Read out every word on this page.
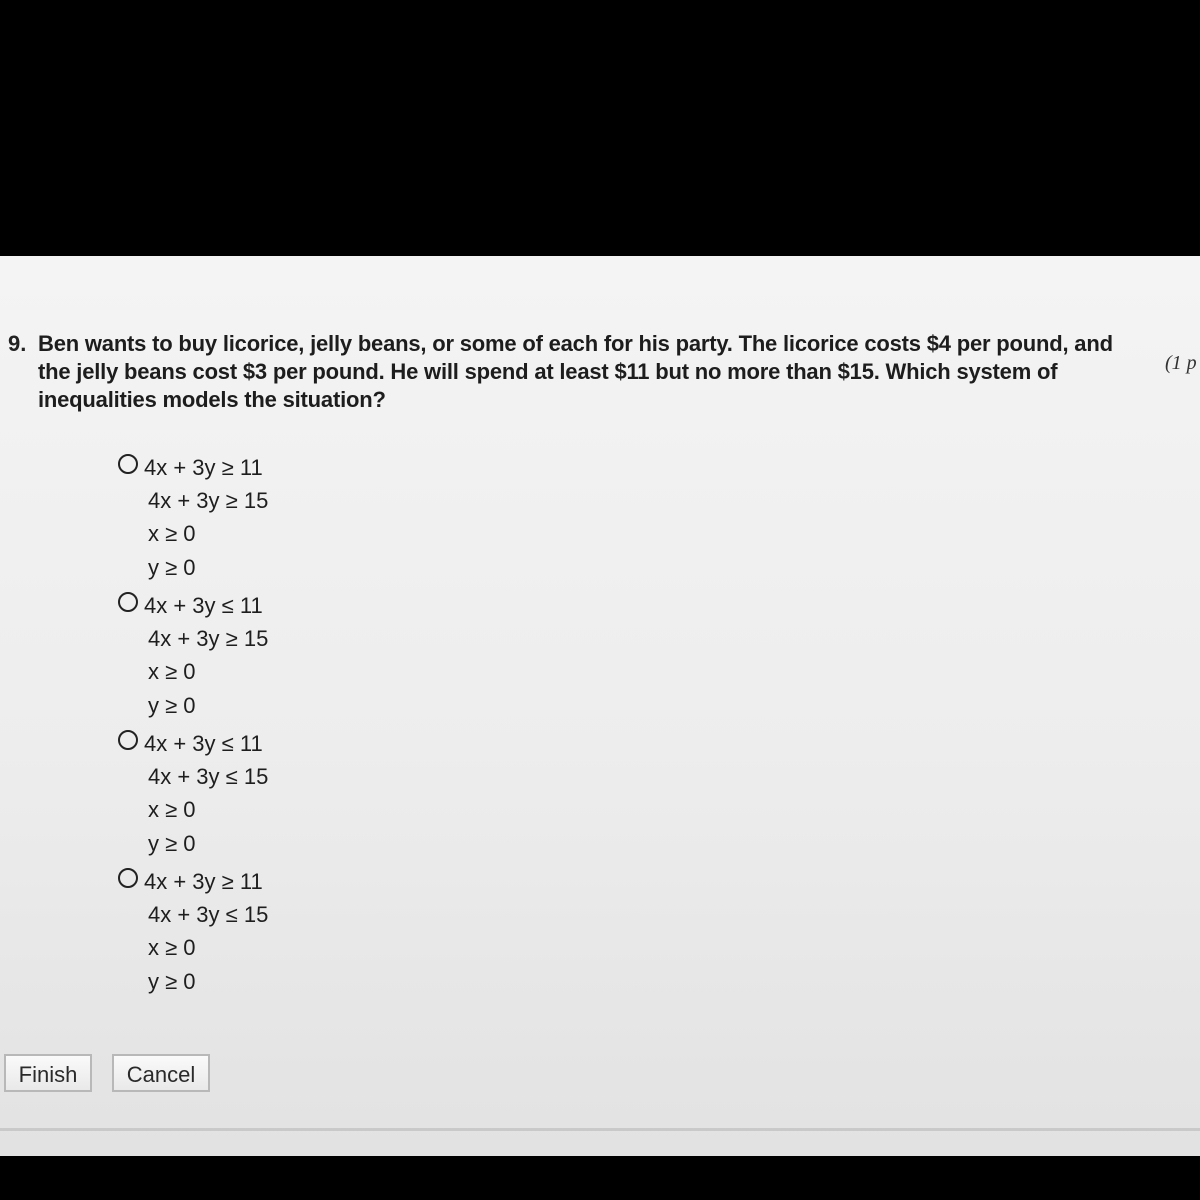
9. Ben wants to buy licorice, jelly beans, or some of each for his party. The licorice costs $4 per pound, and the jelly beans cost $3 per pound. He will spend at least $11 but no more than $15. Which system of inequalities models the situation?
(1 p
4x + 3y ≥ 11
4x + 3y ≥ 15
x ≥ 0
y ≥ 0
4x + 3y ≤ 11
4x + 3y ≥ 15
x ≥ 0
y ≥ 0
4x + 3y ≤ 11
4x + 3y ≤ 15
x ≥ 0
y ≥ 0
4x + 3y ≥ 11
4x + 3y ≤ 15
x ≥ 0
y ≥ 0
Finish	Cancel
